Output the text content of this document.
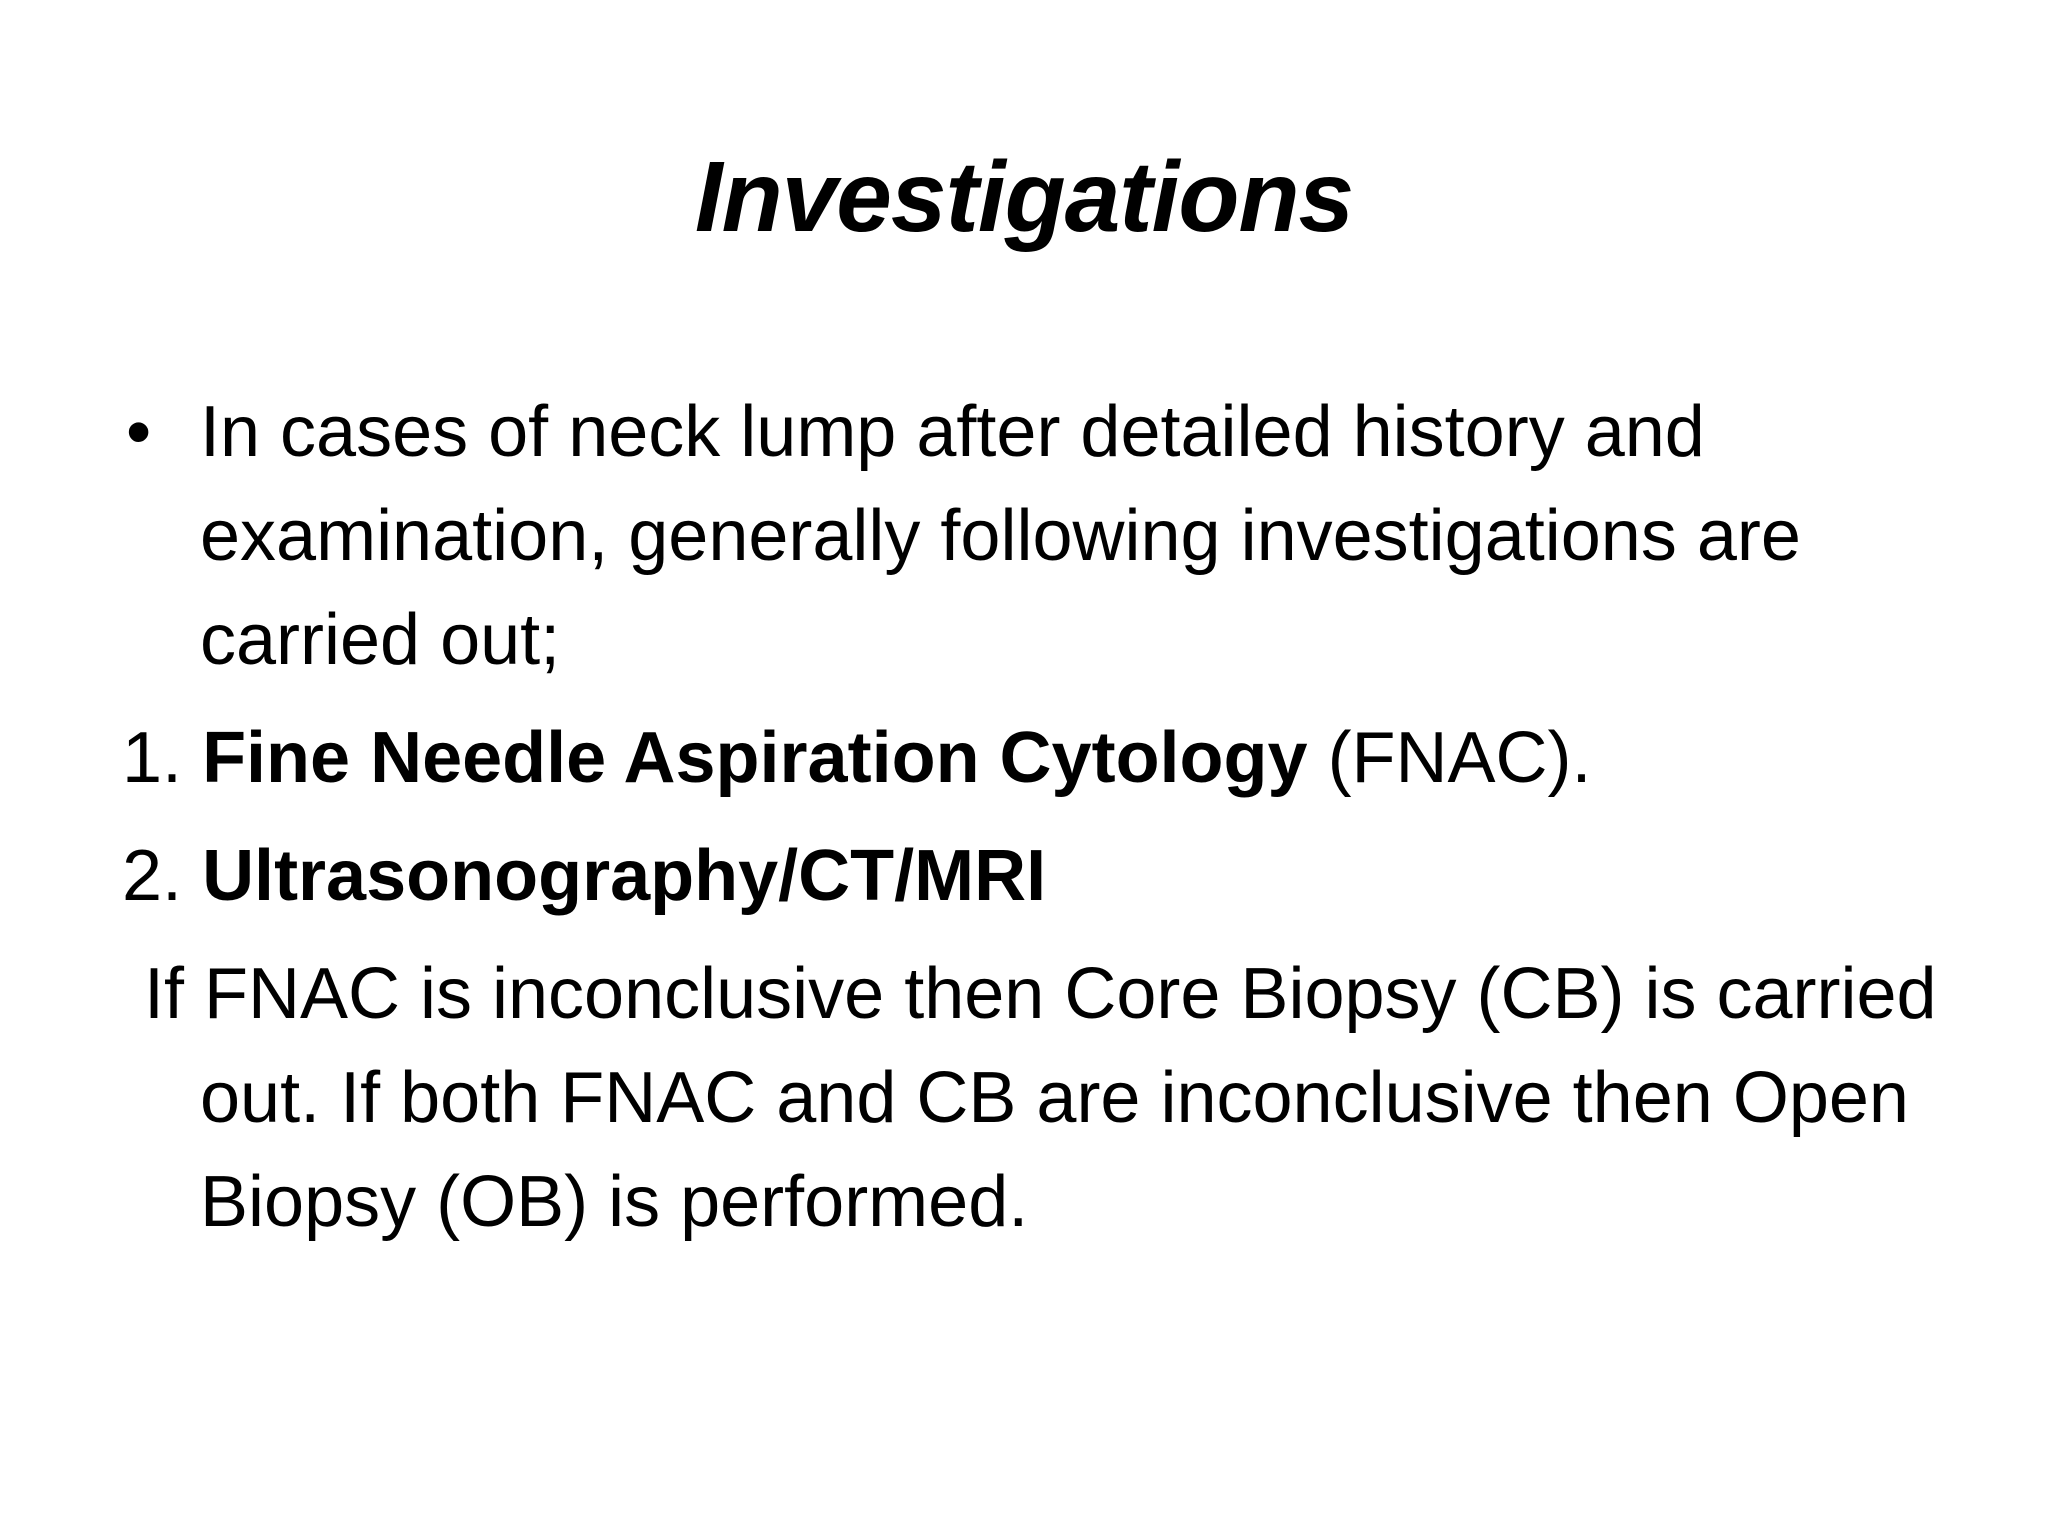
Investigations
• In cases of neck lump after detailed history and examination, generally following investigations are carried out;
1. Fine Needle Aspiration Cytology (FNAC).
2. Ultrasonography/CT/MRI
If FNAC is inconclusive then Core Biopsy (CB) is carried out. If both FNAC and CB are inconclusive then Open Biopsy (OB) is performed.
